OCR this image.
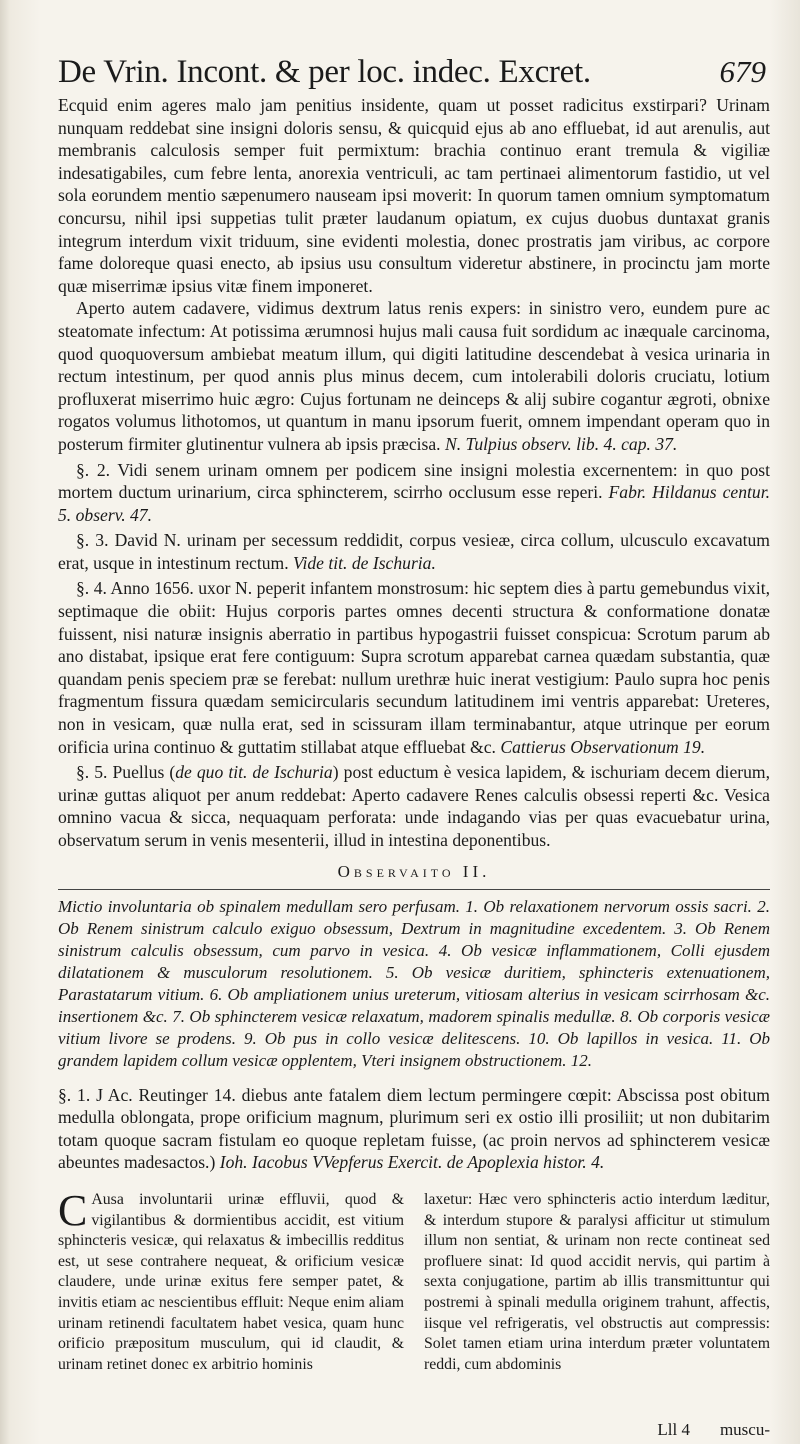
De Vrin. Incont. & per loc. indec. Excret.	679

Ecquid enim ageres malo jam penitius insidente, quam ut posset radicitus exstirpari? Urinam nunquam reddebat sine insigni doloris sensu, & quicquid ejus ab ano effluebat, id aut arenulis, aut membranis calculosis semper fuit permixtum: brachia continuo erant tremula & vigiliæ indesatigabiles, cum febre lenta, anorexia ventriculi, ac tam pertinaei alimentorum fastidio, ut vel sola eorundem mentio sæpenumero nauseam ipsi moverit: In quorum tamen omnium symptomatum concursu, nihil ipsi suppetias tulit præter laudanum opiatum, ex cujus duobus duntaxat granis integrum interdum vixit triduum, sine evidenti molestia, donec prostratis jam viribus, ac corpore fame doloreque quasi enecto, ab ipsius usu consultum videretur abstinere, in procinctu jam morte quæ miserrimæ ipsius vitæ finem imponeret.

Aperto autem cadavere, vidimus dextrum latus renis expers: in sinistro vero, eundem pure ac steatomate infectum: At potissima ærumnosi hujus mali causa fuit sordidum ac inæquale carcinoma, quod quoquoversum ambiebat meatum illum, qui digiti latitudine descendebat à vesica urinaria in rectum intestinum, per quod annis plus minus decem, cum intolerabili doloris cruciatu, lotium profluxerat miserrimo huic ægro: Cujus fortunam ne deinceps & alij subire cogantur ægroti, obnixe rogatos volumus lithotomos, ut quantum in manu ipsorum fuerit, omnem impendant operam quo in posterum firmiter glutinentur vulnera ab ipsis præcisa. N. Tulpius observ. lib. 4. cap. 37.

§. 2. Vidi senem urinam omnem per podicem sine insigni molestia excernentem: in quo post mortem ductum urinarium, circa sphincterem, scirrho occlusum esse reperi. Fabr. Hildanus centur. 5. observ. 47.

§. 3. David N. urinam per secessum reddidit, corpus vesieæ, circa collum, ulcusculo excavatum erat, usque in intestinum rectum. Vide tit. de Ischuria.

§. 4. Anno 1656. uxor N. peperit infantem monstrosum: hic septem dies à partu gemebundus vixit, septimaque die obiit: Hujus corporis partes omnes decenti structura & conformatione donatæ fuissent, nisi naturæ insignis aberratio in partibus hypogastrii fuisset conspicua: Scrotum parum ab ano distabat, ipsique erat fere contiguum: Supra scrotum apparebat carnea quædam substantia, quæ quandam penis speciem præ se ferebat: nullum urethræ huic inerat vestigium: Paulo supra hoc penis fragmentum fissura quædam semicircularis secundum latitudinem imi ventris apparebat: Ureteres, non in vesicam, quæ nulla erat, sed in scissuram illam terminabantur, atque utrinque per eorum orificia urina continuo & guttatim stillabat atque effluebat &c. Cattierus Observationum 19.

§. 5. Puellus (de quo tit. de Ischuria) post eductum è vesica lapidem, & ischuriam decem dierum, urinæ guttas aliquot per anum reddebat: Aperto cadavere Renes calculis obsessi reperti &c. Vesica omnino vacua & sicca, nequaquam perforata: unde indagando vias per quas evacuebatur urina, observatum serum in venis mesenterii, illud in intestina deponentibus.

Observaito II.

Mictio involuntaria ob spinalem medullam sero perfusam. 1. Ob relaxationem nervorum ossis sacri. 2. Ob Renem sinistrum calculo exiguo obsessum, Dextrum in magnitudine excedentem. 3. Ob Renem sinistrum calculis obsessum, cum parvo in vesica. 4. Ob vesicæ inflammationem, Colli ejusdem dilatationem & musculorum resolutionem. 5. Ob vesicæ duritiem, sphincteris extenuationem, Parastatarum vitium. 6. Ob ampliationem unius ureterum, vitiosam alterius in vesicam scirrhosam &c. insertionem &c. 7. Ob sphincterem vesicæ relaxatum, madorem spinalis medullæ. 8. Ob corporis vesicæ vitium livore se prodens. 9. Ob pus in collo vesicæ delitescens. 10. Ob lapillos in vesica. 11. Ob grandem lapidem collum vesicæ opplentem, Vteri insignem obstructionem. 12.

§. 1. J Ac. Reutinger 14. diebus ante fatalem diem lectum permingere cœpit: Abscissa post obitum medulla oblongata, prope orificium magnum, plurimum seri ex ostio illi prosiliit; ut non dubitarim totam quoque sacram fistulam eo quoque repletam fuisse, (ac proin nervos ad sphincterem vesicæ abeuntes madesactos.) Ioh. Iacobus VVepferus Exercit. de Apoplexia histor. 4.

C Ausa involuntarii urinæ effluvii, quod & vigilantibus & dormientibus accidit, est vitium sphincteris vesicæ, qui relaxatus & imbecillis redditus est, ut sese contrahere nequeat, & orificium vesicæ claudere, unde urinæ exitus fere semper patet, & invitis etiam ac nescientibus effluit: Neque enim aliam urinam retinendi facultatem habet vesica, quam hunc orificio præpositum musculum, qui id claudit, & urinam retinet donec ex arbitrio hominis

laxetur: Hæc vero sphincteris actio interdum læditur, & interdum stupore & paralysi afficitur ut stimulum illum non sentiat, & urinam non recte contineat sed profluere sinat: Id quod accidit nervis, qui partim à sexta conjugatione, partim ab illis transmittuntur qui postremi à spinali medulla originem trahunt, affectis, iisque vel refrigeratis, vel obstructis aut compressis: Solet tamen etiam urina interdum præter voluntatem reddi, cum abdominis

Lll 4 muscu-
